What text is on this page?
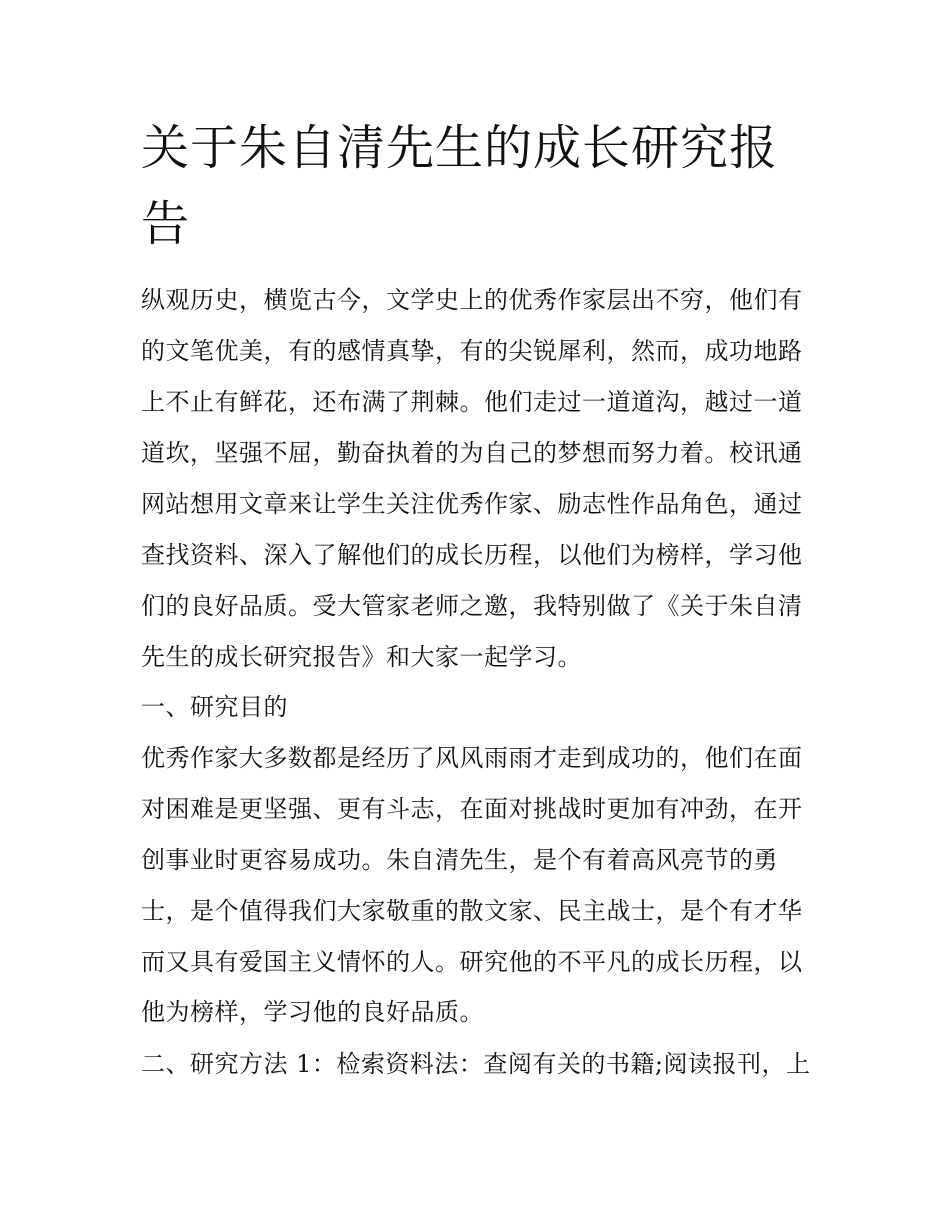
关于朱自清先生的成长研究报
告
纵观历史，横览古今，文学史上的优秀作家层出不穷，他们有
的文笔优美，有的感情真挚，有的尖锐犀利，然而，成功地路
上不止有鲜花，还布满了荆棘。他们走过一道道沟，越过一道
道坎，坚强不屈，勤奋执着的为自己的梦想而努力着。校讯通
网站想用文章来让学生关注优秀作家、励志性作品角色，通过
查找资料、深入了解他们的成长历程，以他们为榜样，学习他
们的良好品质。受大管家老师之邀，我特别做了《关于朱自清
先生的成长研究报告》和大家一起学习。
一、研究目的
优秀作家大多数都是经历了风风雨雨才走到成功的，他们在面
对困难是更坚强、更有斗志，在面对挑战时更加有冲劲，在开
创事业时更容易成功。朱自清先生，是个有着高风亮节的勇
士，是个值得我们大家敬重的散文家、民主战士，是个有才华
而又具有爱国主义情怀的人。研究他的不平凡的成长历程，以
他为榜样，学习他的良好品质。
二、研究方法 1：检索资料法：查阅有关的书籍;阅读报刊，上
